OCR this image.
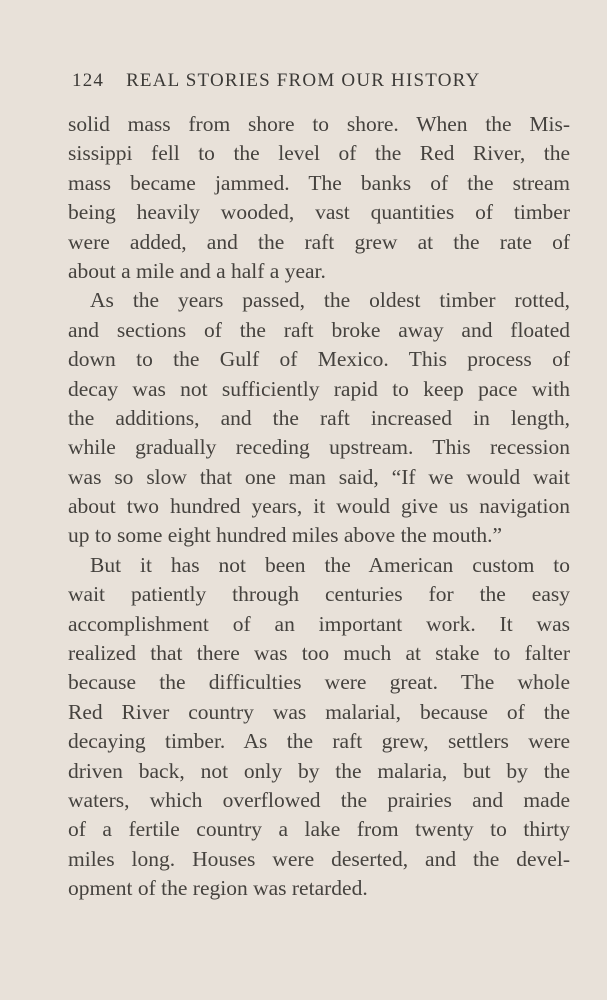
124 REAL STORIES FROM OUR HISTORY
solid mass from shore to shore. When the Mis-
sissippi fell to the level of the Red River, the
mass became jammed. The banks of the stream
being heavily wooded, vast quantities of timber
were added, and the raft grew at the rate of
about a mile and a half a year.
As the years passed, the oldest timber rotted,
and sections of the raft broke away and floated
down to the Gulf of Mexico. This process of
decay was not sufficiently rapid to keep pace with
the additions, and the raft increased in length,
while gradually receding upstream. This recession
was so slow that one man said, “If we would wait
about two hundred years, it would give us navigation
up to some eight hundred miles above the mouth.”
But it has not been the American custom to
wait patiently through centuries for the easy
accomplishment of an important work. It was
realized that there was too much at stake to falter
because the difficulties were great. The whole
Red River country was malarial, because of the
decaying timber. As the raft grew, settlers were
driven back, not only by the malaria, but by the
waters, which overflowed the prairies and made
of a fertile country a lake from twenty to thirty
miles long. Houses were deserted, and the devel-
opment of the region was retarded.
